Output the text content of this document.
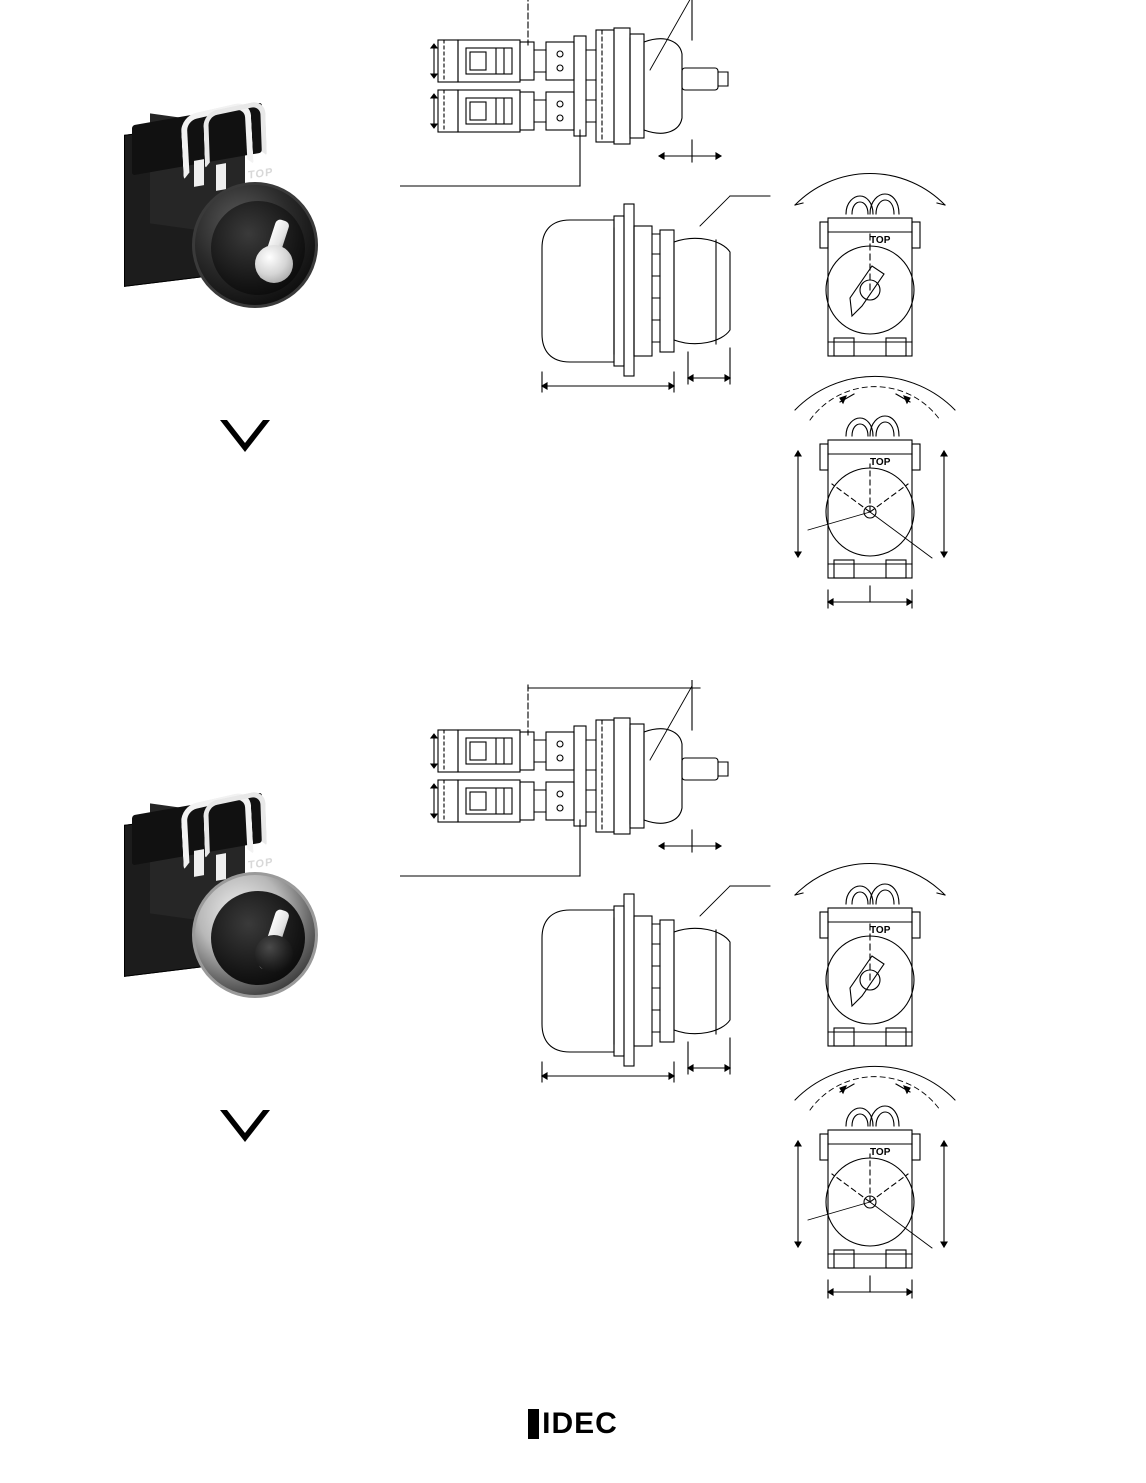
TOP
TOP
TOP
TOP
TOP
TOP
IDEC
